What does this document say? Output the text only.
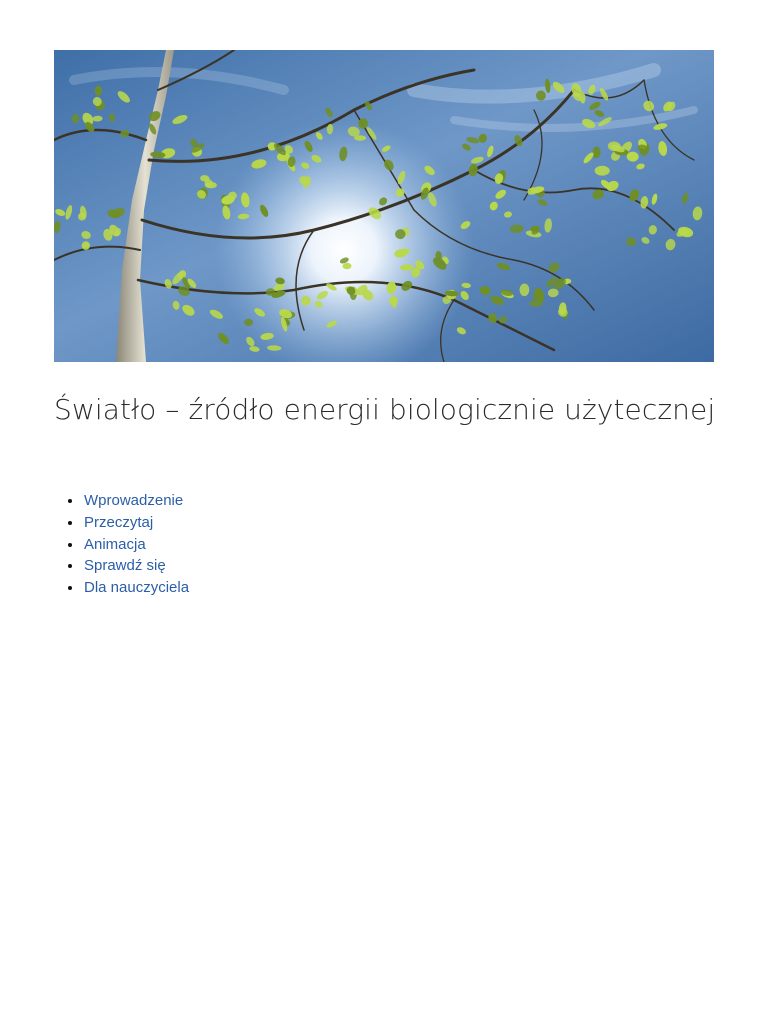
Światło – źródło energii biologicznie użytecznej
Wprowadzenie
Przeczytaj
Animacja
Sprawdź się
Dla nauczyciela
